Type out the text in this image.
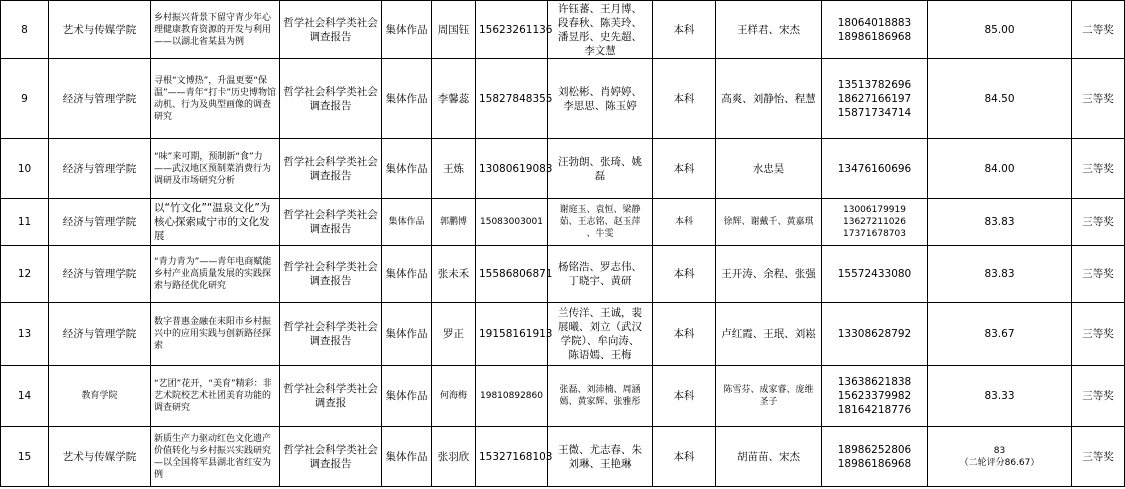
8	艺术与传媒学院	乡村振兴背景下留守青少年心理健康教育资源的开发与利用——以湖北省某县为例	哲学社会科学类社会调查报告	集体作品	周国钰	15623261136	许钰蕃、王月博、
段春秋、陈芙玲、
潘昱彤、史先超、
李文慧	本科	王样君、宋杰	18064018883
18986186968	85.00	二等奖
9	经济与管理学院	寻根“文博热”，升温更要“保温”——青年“打卡”历史博物馆动机、行为及典型画像的调查研究	哲学社会科学类社会调查报告	集体作品	李馨蕊	15827848355	刘松彬、肖婷婷、
李思思、陈玉婷	本科	高爽、刘静怡、程慧	13513782696
18627166197
15871734714	84.50	三等奖
10	经济与管理学院	“味”来可期，预制新“食”力——武汉地区预制菜消费行为调研及市场研究分析	哲学社会科学类社会调查报告	集体作品	王炼	13080619083	汪勃朗、张琦、姚
磊	本科	水忠昊	13476160696	84.00	三等奖
11	经济与管理学院	以“竹文化”“温泉文化”为核心探索咸宁市的文化发展	哲学社会科学类社会调查报告	集体作品	郭鹏博	15083003001	谢庭玉、袁恒、梁静
茹、王志铭、赵玉萍
、牛雯	本科	徐辉、谢戴千、黄嘉琪	13006179919
13627211026
17371678703	83.83	三等奖
12	经济与管理学院	“青力青为”——青年电商赋能乡村产业高质量发展的实践探索与路径优化研究	哲学社会科学类社会调查报告	集体作品	张未禾	15586806871	杨铭浩、罗志伟、
丁晓宇、黄研	本科	王开涛、余程、张强	15572433080	83.83	三等奖
13	经济与管理学院	数字普惠金融在耒阳市乡村振兴中的应用实践与创新路径探索	哲学社会科学类社会调查报告	集体作品	罗正	19158161913	兰传洋、王诚，裴
展曦、刘立（武汉
学院）、牟向涛、
陈语嫣、王梅	本科	卢红霞、王珉、刘崧	13308628792	83.67	三等奖
14	教育学院	“艺团”花开，“美育”精彩：非艺术院校艺术社团美育功能的调查研究	哲学社会科学类社会调查报	集体作品	何海梅	19810892860	张磊、刘沛楠、周涵
嫣、黄家辉、张雅彤	本科	陈雪芬、成家睿、庞维
圣子	13638621838
15623379982
18164218776	83.33	三等奖
15	艺术与传媒学院	新质生产力驱动红色文化遗产价值转化与乡村振兴实践研究—以全国将军县湖北省红安为例	哲学社会科学类社会调查报告	集体作品	张羽欣	15327168103	王微、尤志春、朱
刘琳、王艳琳	本科	胡苗苗、宋杰	18986252806
18986186968	83
（二轮评分86.67）	三等奖
